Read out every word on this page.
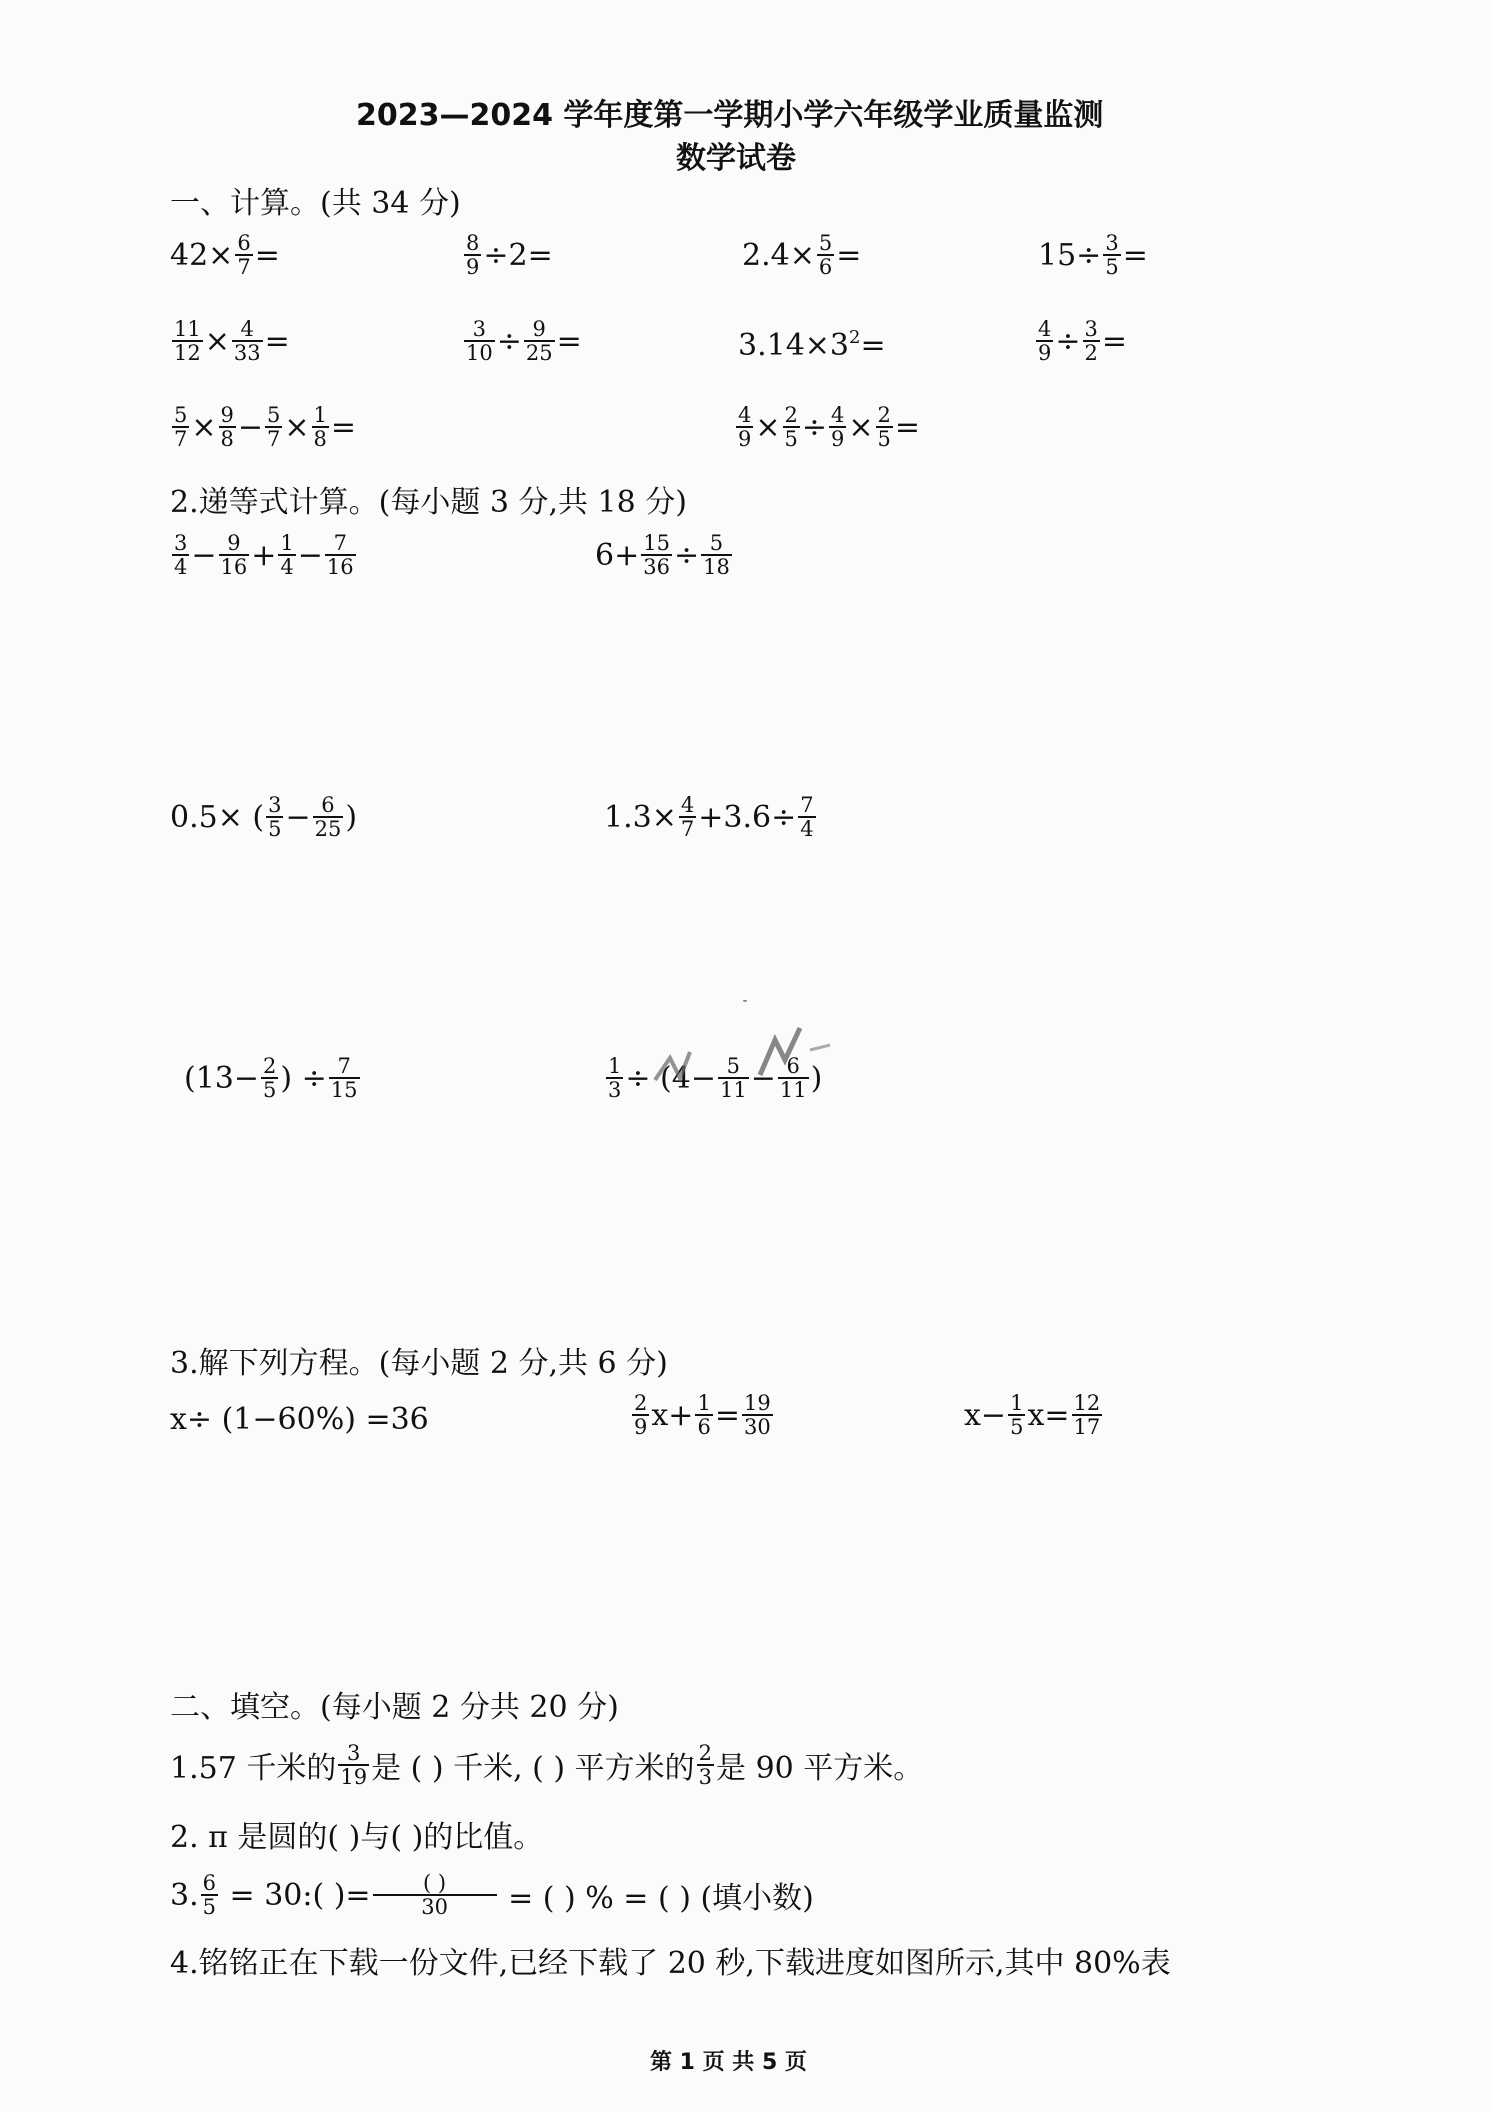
2023—2024 学年度第一学期小学六年级学业质量监测
数学试卷
一、计算。(共 34 分)
$42\times \frac{6}{7}$ =	$\frac{8}{9} \div 2=$	$2.4\times \frac{5}{6}$ =	$15\div \frac{3}{5}$ =
$\frac{11}{12} \times \frac{4}{33}$ =	$\frac{3}{10} \div \frac{9}{25}$ =	$3.14\times 3^2$ =	$\frac{4}{9} \div \frac{3}{2}$ =
$\frac{5}{7} \times \frac{9}{8} - \frac{5}{7} \times \frac{1}{8}$ =	$\frac{4}{9} \times \frac{2}{5} \div \frac{4}{9} \times \frac{2}{5}$ =
2.递等式计算。(每小题 3 分,共 18 分)
$\frac{3}{4} - \frac{9}{16} + \frac{1}{4} - \frac{7}{16}$	$6+ \frac{15}{36} \div \frac{5}{18}$
0.5× ( $\frac{3}{5} - \frac{6}{25}$ )	$1.3\times \frac{4}{7} +3.6\div \frac{7}{4}$
($13- \frac{2}{5}$ ) ÷ $\frac{7}{15}$	$\frac{1}{3} \div (4- \frac{5}{11} - \frac{6}{11}$ )
3.解下列方程。(每小题 2 分,共 6 分)
x÷ (1−60%) =36	$\frac{2}{9} x+ \frac{1}{6} = \frac{19}{30}$	$x- \frac{1}{5} x= \frac{12}{17}$
二、填空。(每小题 2 分共 20 分)
1.57 千米的 $\frac{3}{19}$ 是 ( ) 千米, ( ) 平方米的 $\frac{2}{3}$ 是 90 平方米。
2. π 是圆的( )与( )的比值。
3. $\frac{6}{5}$ = 30:( )= ( )
30	= ( ) % = ( ) (填小数)
4.铭铭正在下载一份文件,已经下载了 20 秒,下载进度如图所示,其中 80%表
第 1 页 共 5 页
